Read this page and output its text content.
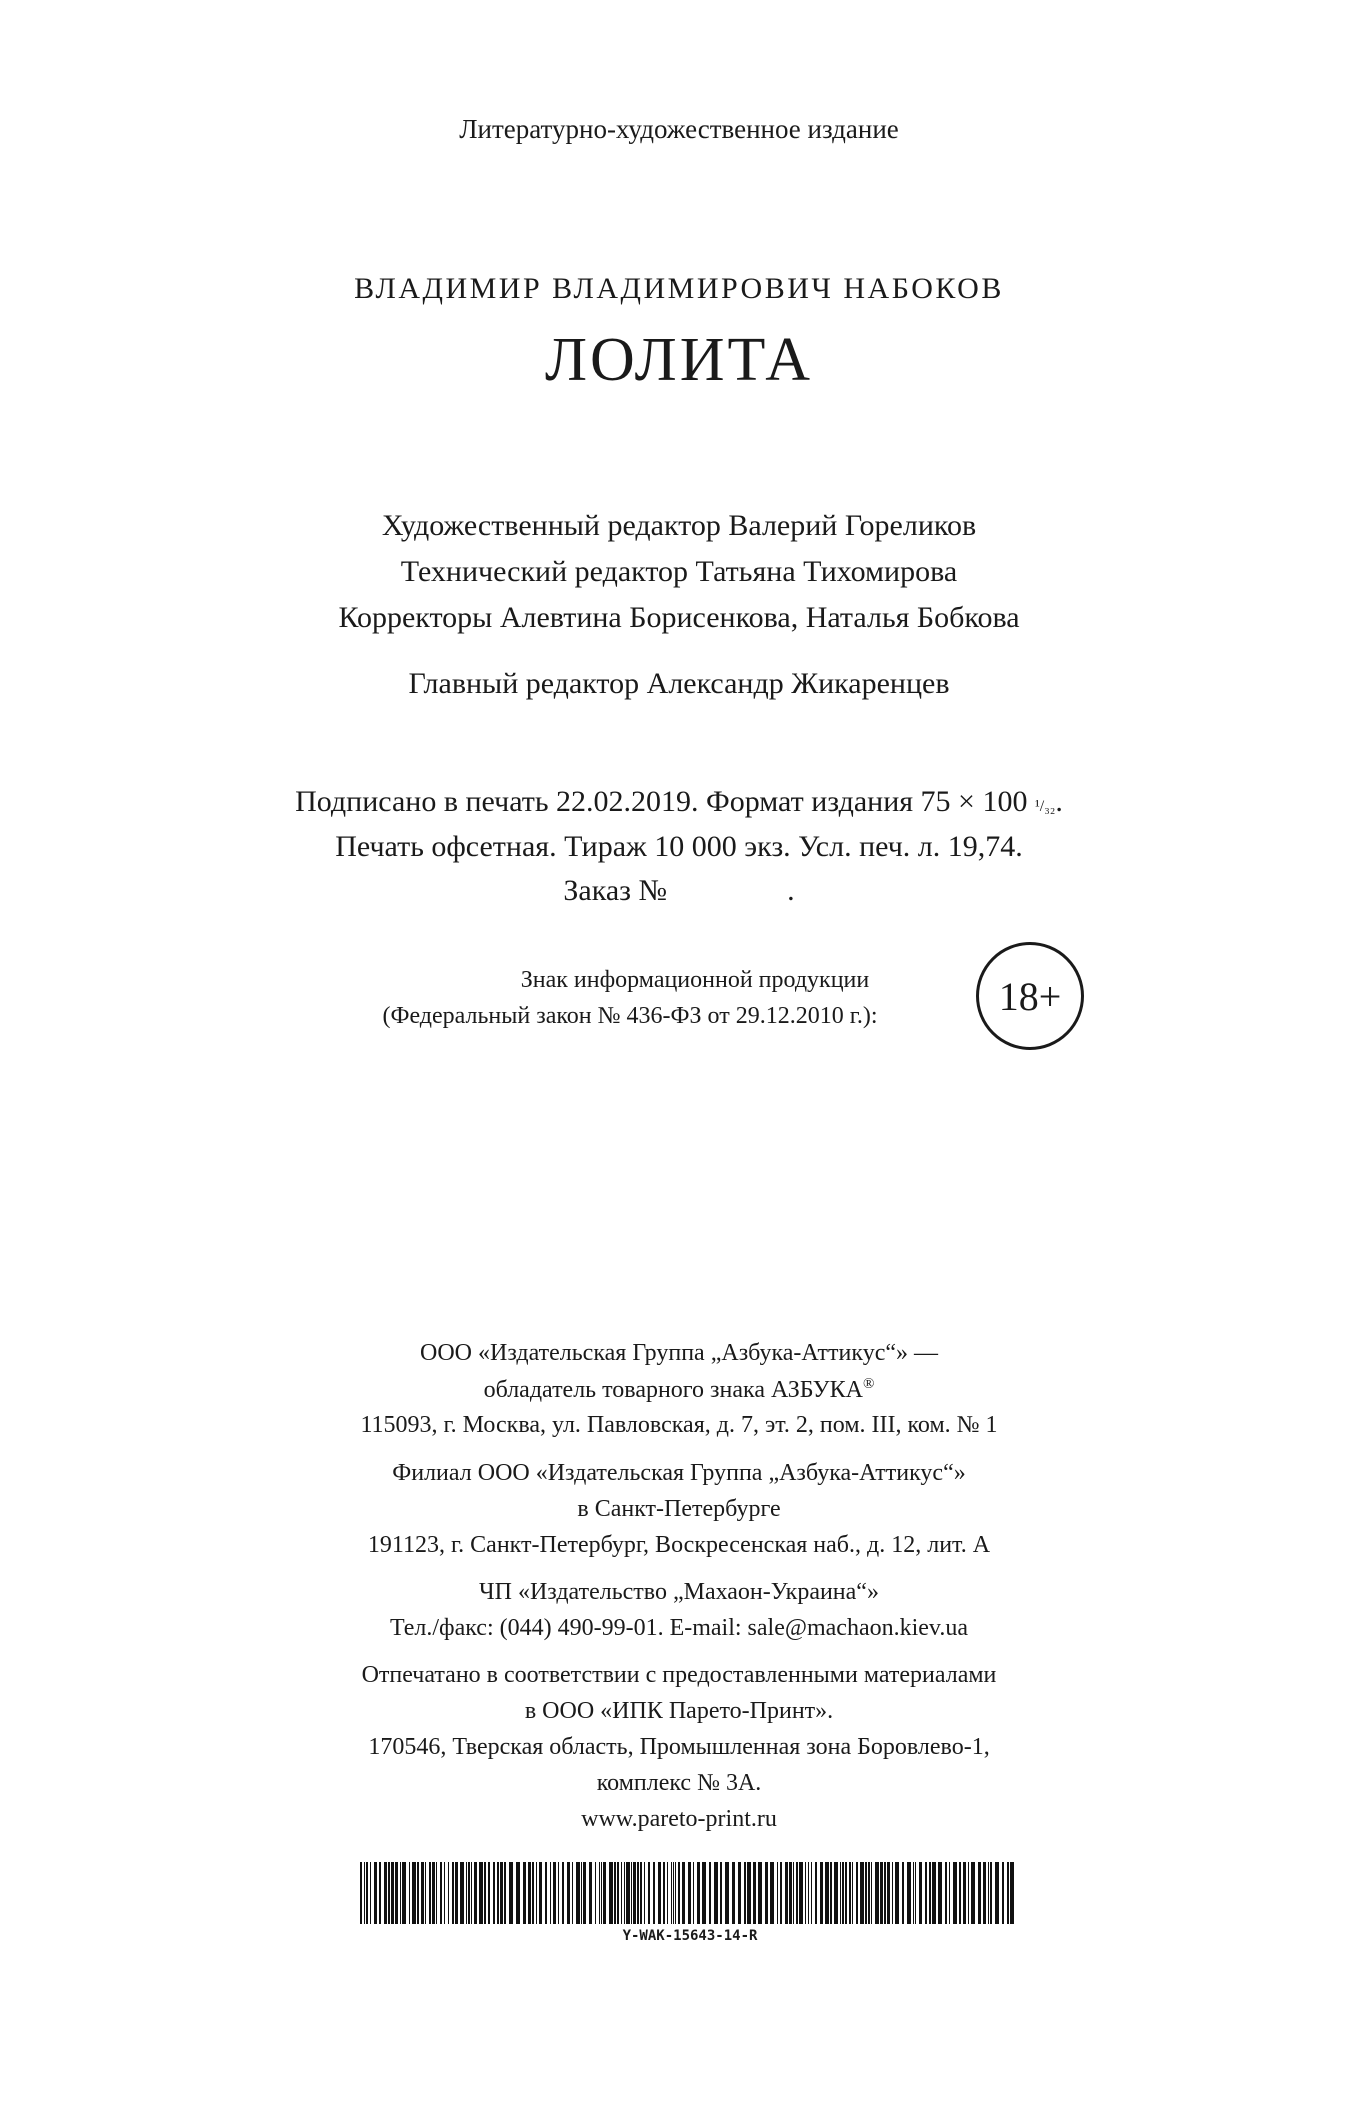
Литературно-художественное издание
ВЛАДИМИР ВЛАДИМИРОВИЧ НАБОКОВ
ЛОЛИТА
Художественный редактор Валерий Гореликов
Технический редактор Татьяна Тихомирова
Корректоры Алевтина Борисенкова, Наталья Бобкова
Главный редактор Александр Жикаренцев
Подписано в печать 22.02.2019. Формат издания 75 × 100 ¹/₃₂.
Печать офсетная. Тираж 10 000 экз. Усл. печ. л. 19,74.
Заказ №                .
Знак информационной продукции
(Федеральный закон № 436-ФЗ от 29.12.2010 г.):	18+
ООО «Издательская Группа „Азбука-Аттикус“» —
обладатель товарного знака АЗБУКА®
115093, г. Москва, ул. Павловская, д. 7, эт. 2, пом. III, ком. № 1
Филиал ООО «Издательская Группа „Азбука-Аттикус“»
в Санкт-Петербурге
191123, г. Санкт-Петербург, Воскресенская наб., д. 12, лит. А
ЧП «Издательство „Махаон-Украина“»
Тел./факс: (044) 490-99-01. E-mail: sale@machaon.kiev.ua
Отпечатано в соответствии с предоставленными материалами
в ООО «ИПК Парето-Принт».
170546, Тверская область, Промышленная зона Боровлево-1,
комплекс № 3А.
www.pareto-print.ru
Y-WAK-15643-14-R
